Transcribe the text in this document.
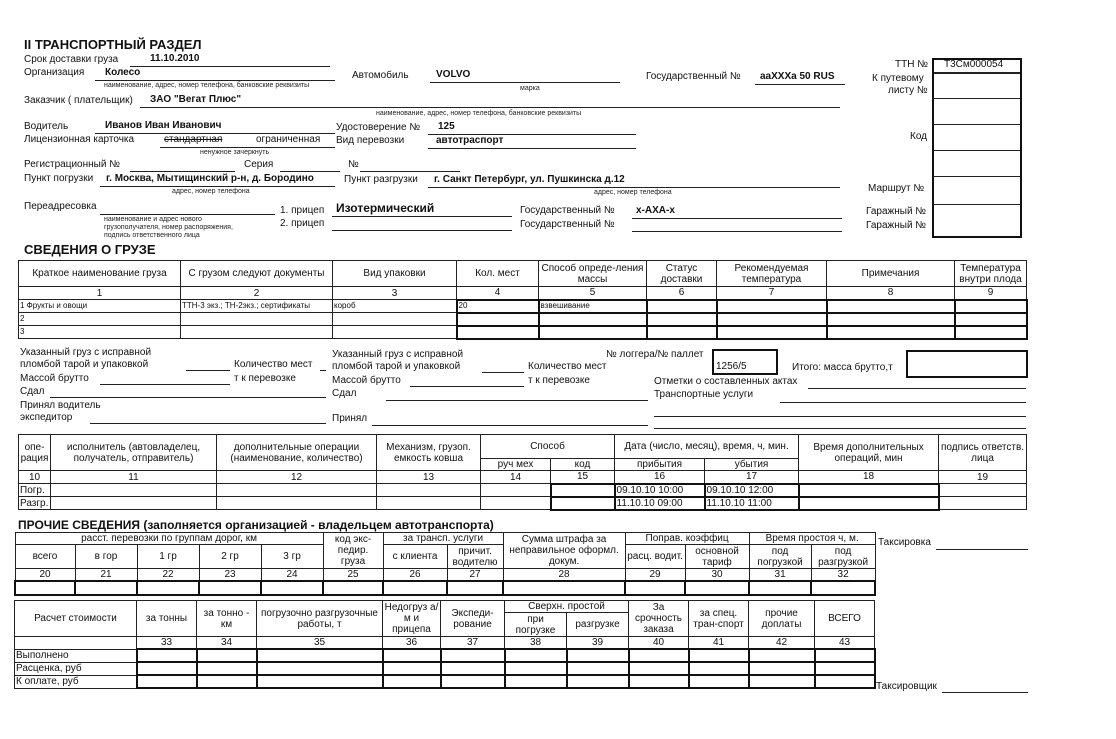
II ТРАНСПОРТНЫЙ РАЗДЕЛ
Срок доставки груза	11.10.2010
Организация Колесо
наименование, адрес, номер телефона, банковские реквизиты
Автомобиль	VOLVO
марка
Государственный № aaXXXa 50 RUS
Заказчик ( плательщик) ЗАО "Вегат Плюс"
наименование, адрес, номер телефона, банковские реквизиты
Водитель	Иванов Иван Иванович	Удостоверение № 125
Лицензионная карточка	стандартная	ограниченная
ненужное зачеркнуть
Вид перевозки	автотраспорт
Регистрационный №	Серия	№
Пункт погрузки г. Москва, Мытищинский р-н, д. Бородино
адрес, номер телефона
Пункт разгрузки г. Санкт Петербург, ул. Пушкинска д.12
адрес, номер телефона
Переадресовка
наименование и адрес нового
грузополучателя, номер распоряжения,
подпись ответственного лица
1. прицеп Изотермический
2. прицеп
Государственный № x-AXA-x
Государственный №
ТТН № T3Cм000054
К путевому
листу №
Код
Маршрут №
Гаражный №
Гаражный №
СВЕДЕНИЯ О ГРУЗЕ
Краткое наименование груза	С грузом следуют документы	Вид упаковки	Кол. мест	Способ опреде-ления массы	Статус доставки	Рекомендуемая температура	Примечания	Температура внутри плода
1	2	3	4	5	6	7	8	9
1 Фрукты и овощи	ТТН-3 экз.; ТН-2экз.; сертификаты	короб	20	взвешивание				
2								
3								
Указанный груз с исправной
пломбой тарой и упаковкой	Количество мест
Массой брутто	т к перевозке
Сдал
Принял водитель
экспедитор
Указанный груз с исправной
пломбой тарой и упаковкой	Количество мест
Массой брутто	т к перевозке
Сдал
Принял
№ логгера/№ паллет
1256/5	Итого: масса брутто,т
Отметки о составленных актах
Транспортные услуги
опе-рация	исполнитель (автовладелец, получатель, отправитель)	дополнительные операции (наименование, количество)	Механизм, грузоп. емкость ковша	Способ		Дата (число, месяц), время, ч, мин.		Время дополнительных операций, мин	подпись ответств. лица
				руч мех	код	прибытия	убытия		
10	11	12	13	14	15	16	17	18	19
Погр.						09.10.10 10:00	09.10.10 12:00		
Разгр.						11.10.10 09:00	11.10.10 11:00		
ПРОЧИЕ СВЕДЕНИЯ (заполняется организацией - владельцем автотранспорта)
расст. перевозки по группам дорог, км					код экс-педир. груза	за трансп. услуги		Сумма штрафа за неправильное оформл. докум.	Поправ. коэффиц		Время простоя ч, м.	
всего	в гор	1 гр	2 гр	3 гр		с клиента	причит. водителю		расц. водит.	основной тариф	под погрузкой	под разгрузкой
20	21	22	23	24	25	26	27	28	29	30	31	32

Таксировка
Расчет стоимости	за тонны	за тонно - км	погрузочно разгрузочные работы, т	Недогруз а/м и прицепа	Экспеди-рование	Сверхн. простой		За срочность заказа	за спец. тран-спорт	прочие доплаты	ВСЕГО
						при погрузке	разгрузке				
	33	34	35	36	37	38	39	40	41	42	43
Выполнено											
Расценка, руб											
К оплате, руб												Таксировщик
